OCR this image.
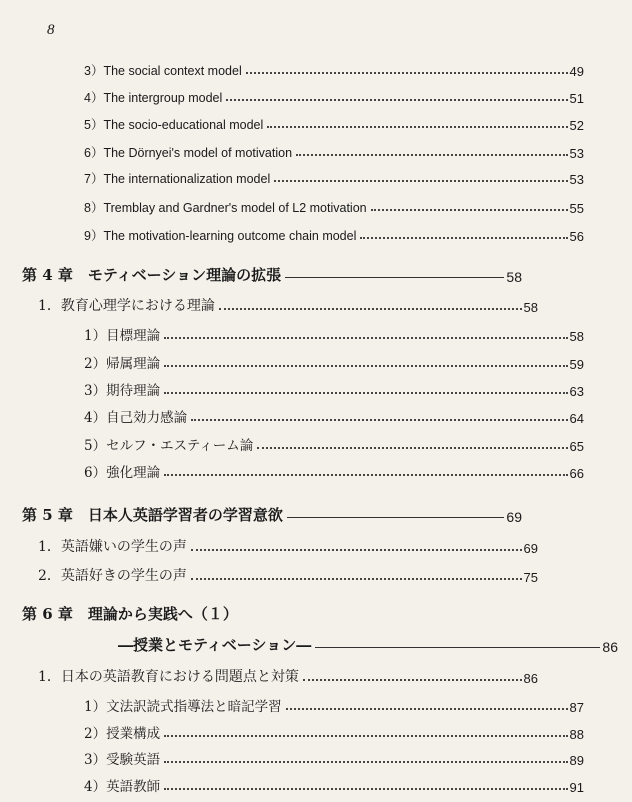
8
3）The social context model	49
4）The intergroup model	51
5）The socio-educational model	52
6）The Dörnyei's model of motivation	53
7）The internationalization model	53
8）Tremblay and Gardner's model of L2 motivation	55
9）The motivation-learning outcome chain model	56
第 4 章　モティベーション理論の拡張	58
1．教育心理学における理論	58
1）目標理論	58
2）帰属理論	59
3）期待理論	63
4）自己効力感論	64
5）セルフ・エスティーム論	65
6）強化理論	66
第 5 章　日本人英語学習者の学習意欲	69
1．英語嫌いの学生の声	69
2．英語好きの学生の声	75
第 6 章　理論から実践へ（１）
―授業とモティベーション―	86
1．日本の英語教育における問題点と対策	86
1）文法訳読式指導法と暗記学習	87
2）授業構成	88
3）受験英語	89
4）英語教師	91
